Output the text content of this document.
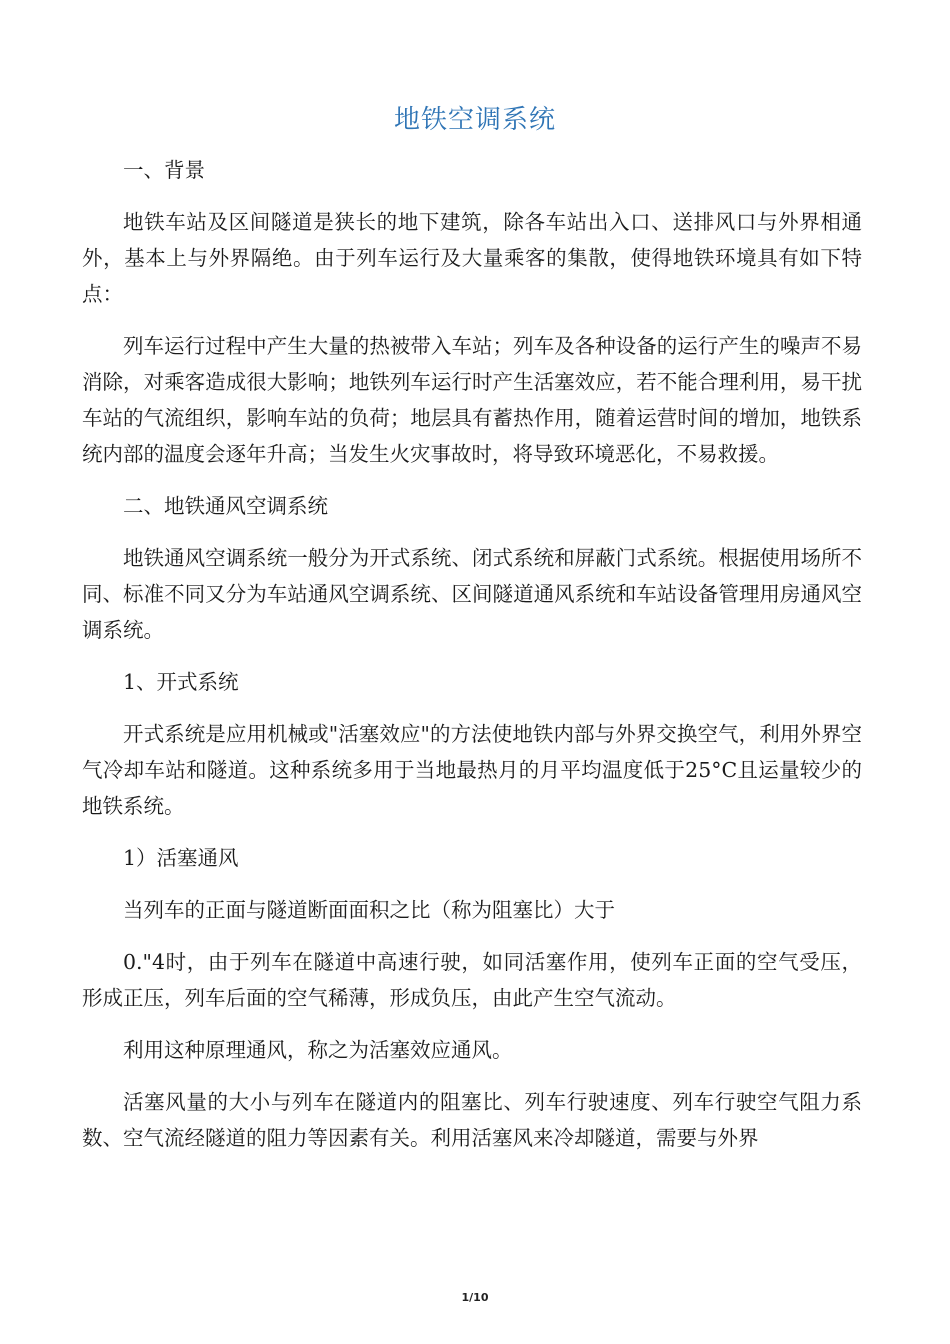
地铁空调系统

一、背景

地铁车站及区间隧道是狭长的地下建筑，除各车站出入口、送排风口与外界相通外，基本上与外界隔绝。由于列车运行及大量乘客的集散，使得地铁环境具有如下特点：

列车运行过程中产生大量的热被带入车站；列车及各种设备的运行产生的噪声不易消除，对乘客造成很大影响；地铁列车运行时产生活塞效应，若不能合理利用，易干扰车站的气流组织，影响车站的负荷；地层具有蓄热作用，随着运营时间的增加，地铁系统内部的温度会逐年升高；当发生火灾事故时，将导致环境恶化，不易救援。

二、地铁通风空调系统

地铁通风空调系统一般分为开式系统、闭式系统和屏蔽门式系统。根据使用场所不同、标准不同又分为车站通风空调系统、区间隧道通风系统和车站设备管理用房通风空调系统。

1、开式系统

开式系统是应用机械或"活塞效应"的方法使地铁内部与外界交换空气，利用外界空气冷却车站和隧道。这种系统多用于当地最热月的月平均温度低于25°C且运量较少的地铁系统。

1）活塞通风

当列车的正面与隧道断面面积之比（称为阻塞比）大于

0."4时，由于列车在隧道中高速行驶，如同活塞作用，使列车正面的空气受压，形成正压，列车后面的空气稀薄，形成负压，由此产生空气流动。

利用这种原理通风，称之为活塞效应通风。

活塞风量的大小与列车在隧道内的阻塞比、列车行驶速度、列车行驶空气阻力系数、空气流经隧道的阻力等因素有关。利用活塞风来冷却隧道，需要与外界

1/10
